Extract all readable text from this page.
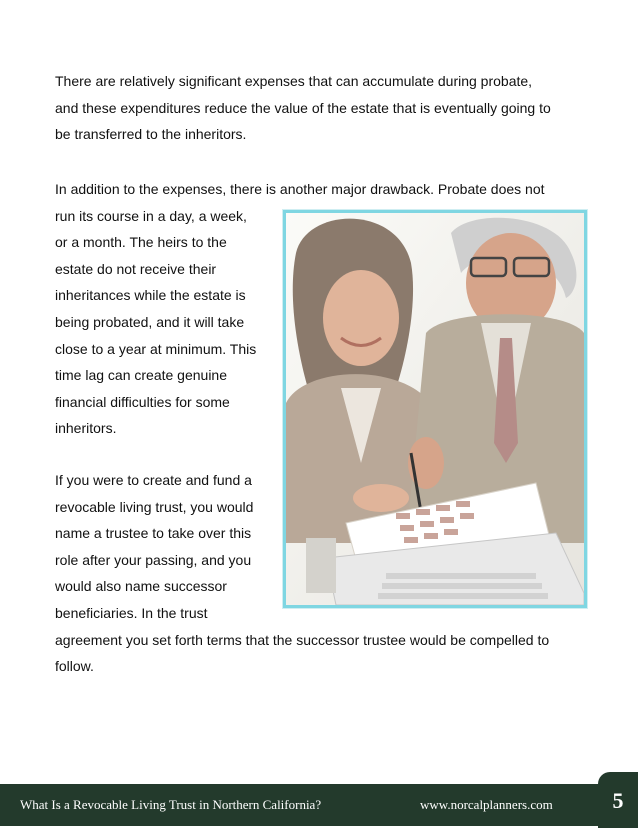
There are relatively significant expenses that can accumulate during probate,
and these expenditures reduce the value of the estate that is eventually going to
be transferred to the inheritors.
In addition to the expenses, there is another major drawback. Probate does not
run its course in a day, a week,
or a month. The heirs to the
estate do not receive their
inheritances while the estate is
being probated, and it will take
close to a year at minimum. This
time lag can create genuine
financial difficulties for some
inheritors.
If you were to create and fund a
revocable living trust, you would
name a trustee to take over this
role after your passing, and you
would also name successor
beneficiaries. In the trust
agreement you set forth terms that the successor trustee would be compelled to
follow.
What Is a Revocable Living Trust in Northern California?	www.norcalplanners.com	5
